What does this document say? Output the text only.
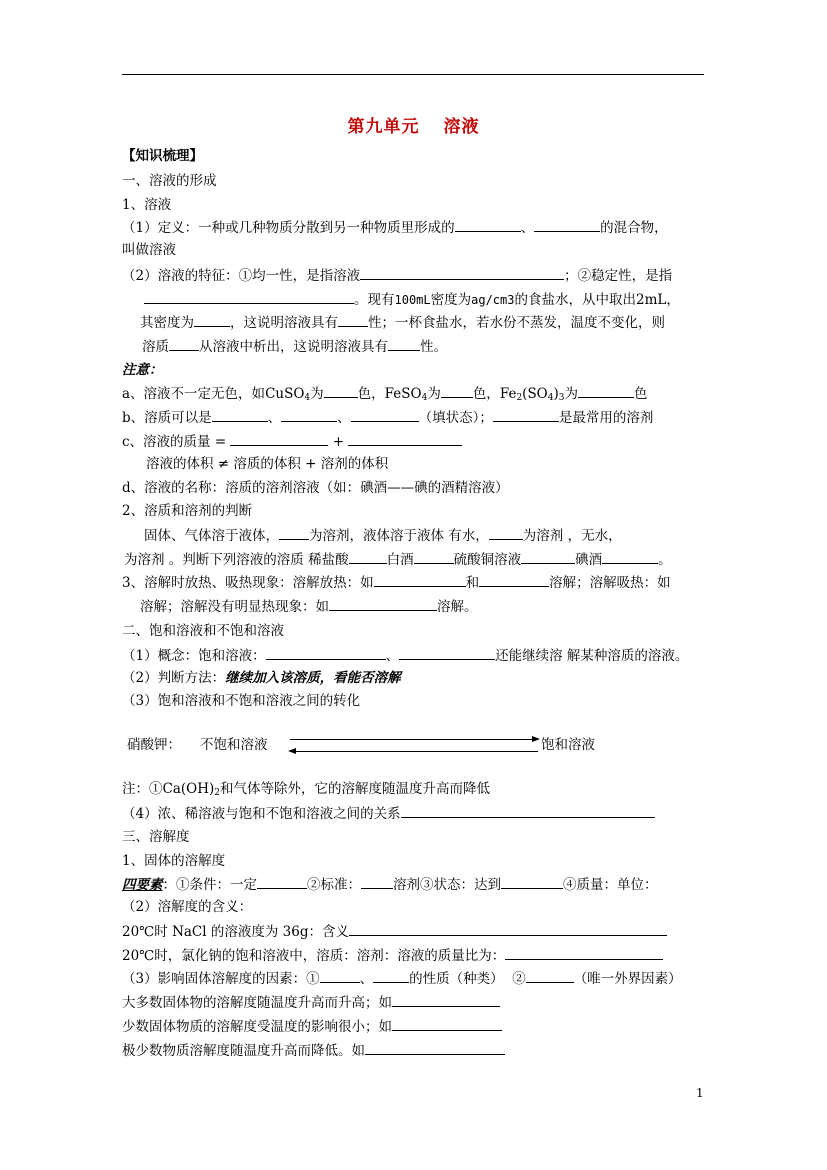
第九单元 溶液
【知识梳理】
一、溶液的形成
1、溶液
（1）定义：一种或几种物质分散到另一种物质里形成的	、	的混合物，
叫做溶液
（2）溶液的特征：①均一性，是指溶液	；②稳定性，是指
。现有100mL密度为ag/cm3的食盐水，从中取出2mL，
其密度为	，这说明溶液具有 性；一杯食盐水，若水份不蒸发，温度不变化，则
溶质 从溶液中析出，这说明溶液具有 性。
注意：
a、溶液不一定无色，如CuSO$_4$为	色，FeSO$_4$为 色，$Fe_2(SO_4)_3$为	色
b、溶质可以是	、	、	（填状态）；	是最常用的溶剂
c、溶液的质量 =	+
溶液的体积 ≠ 溶质的体积 + 溶剂的体积
d、溶液的名称：溶质的溶剂溶液（如：碘酒——碘的酒精溶液）
2、溶质和溶剂的判断
固体、气体溶于液体， 为溶剂，液体溶于液体 有水，	为溶剂 ，无水，
为溶剂 。判断下列溶液的溶质 稀盐酸	白酒	硫酸铜溶液	碘酒	。
3、溶解时放热、吸热现象：溶解放热：如	和	溶解；溶解吸热：如
溶解；溶解没有明显热现象：如	溶解。
二、饱和溶液和不饱和溶液
（1）概念：饱和溶液：	、	还能继续溶 解某种溶质的溶液。
（2）判断方法：继续加入该溶质，看能否溶解
（3）饱和溶液和不饱和溶液之间的转化
硝酸钾： 不饱和溶液	饱和溶液
注：$①Ca(OH)_2$和气体等除外，它的溶解度随温度升高而降低
（4）浓、稀溶液与饱和不饱和溶液之间的关系
三、溶解度
1、固体的溶解度
四要素：①条件：一定	②标准： 溶剂③状态：达到	④质量：单位：
（2）溶解度的含义：
20℃时 NaCl 的溶液度为 36g：含义
20℃时，氯化钠的饱和溶液中，溶质：溶剂：溶液的质量比为：
（3）影响固体溶解度的因素：①	、	的性质（种类） ②	（唯一外界因素）
大多数固体物的溶解度随温度升高而升高；如
少数固体物质的溶解度受温度的影响很小；如
极少数物质溶解度随温度升高而降低。如
1
